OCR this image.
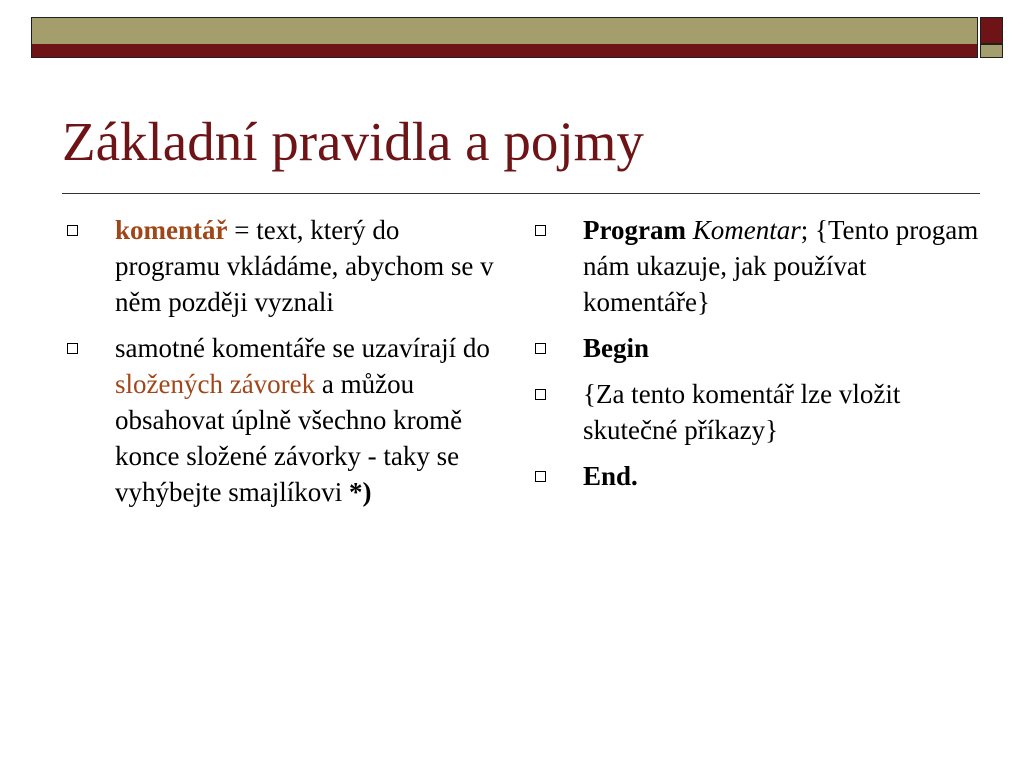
Základní pravidla a pojmy
komentář = text, který do programu vkládáme, abychom se v něm později vyznali
samotné komentáře se uzavírají do složených závorek a můžou obsahovat úplně všechno kromě konce složené závorky - taky se vyhýbejte smajlíkovi *)
Program Komentar; {Tento progam nám ukazuje, jak používat komentáře}
Begin
{Za tento komentář lze vložit skutečné příkazy}
End.
